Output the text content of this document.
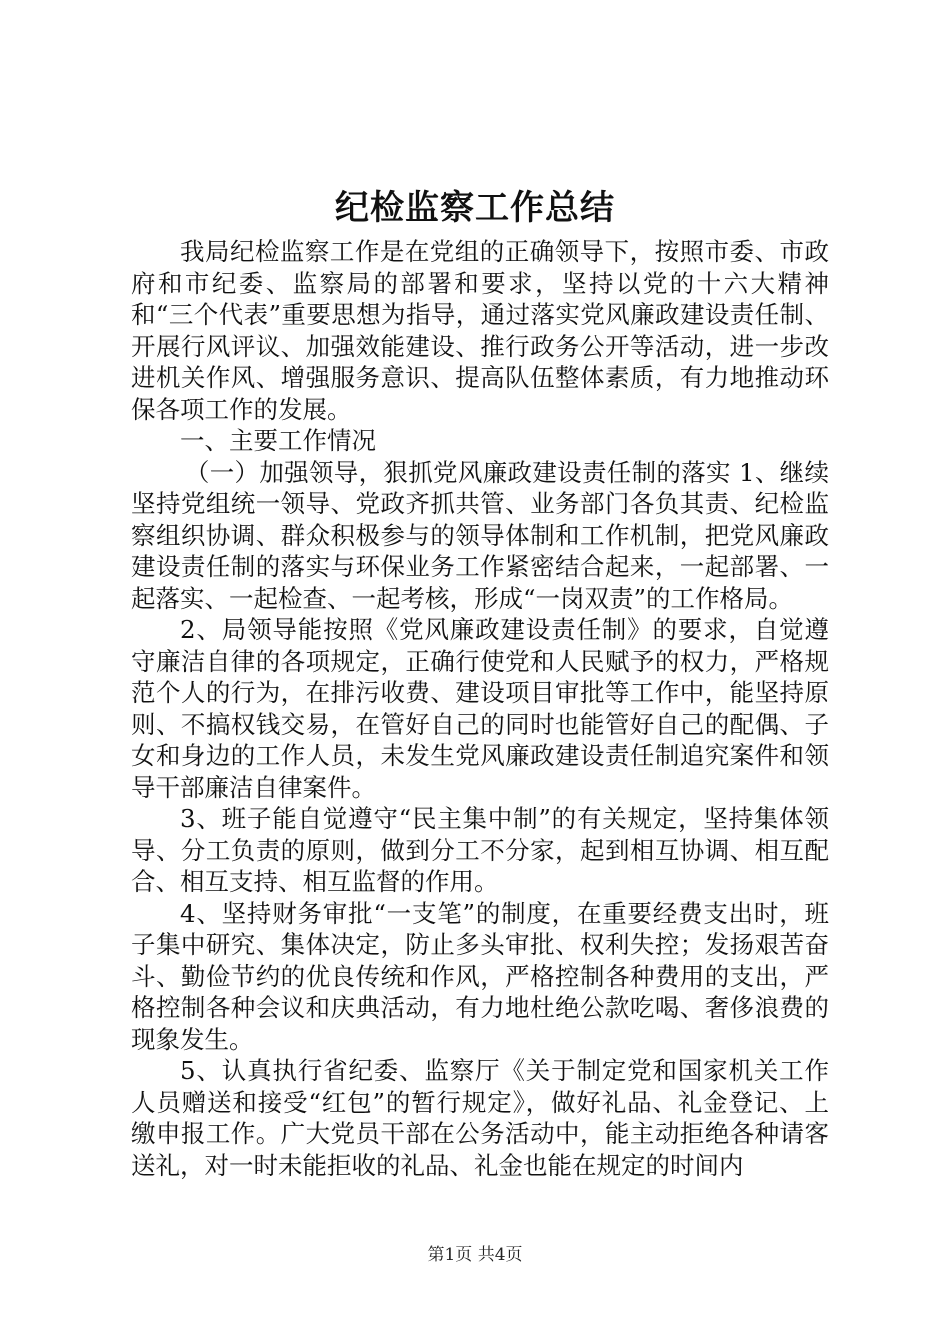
纪检监察工作总结

我局纪检监察工作是在党组的正确领导下，按照市委、市政府和市纪委、监察局的部署和要求，坚持以党的十六大精神和“三个代表”重要思想为指导，通过落实党风廉政建设责任制、开展行风评议、加强效能建设、推行政务公开等活动，进一步改进机关作风、增强服务意识、提高队伍整体素质，有力地推动环保各项工作的发展。

一、主要工作情况

（一）加强领导，狠抓党风廉政建设责任制的落实 1、继续坚持党组统一领导、党政齐抓共管、业务部门各负其责、纪检监察组织协调、群众积极参与的领导体制和工作机制，把党风廉政建设责任制的落实与环保业务工作紧密结合起来，一起部署、一起落实、一起检查、一起考核，形成“一岗双责”的工作格局。

2、局领导能按照《党风廉政建设责任制》的要求，自觉遵守廉洁自律的各项规定，正确行使党和人民赋予的权力，严格规范个人的行为，在排污收费、建设项目审批等工作中，能坚持原则、不搞权钱交易，在管好自己的同时也能管好自己的配偶、子女和身边的工作人员，未发生党风廉政建设责任制追究案件和领导干部廉洁自律案件。

3、班子能自觉遵守“民主集中制”的有关规定，坚持集体领导、分工负责的原则，做到分工不分家，起到相互协调、相互配合、相互支持、相互监督的作用。

4、坚持财务审批“一支笔”的制度，在重要经费支出时，班子集中研究、集体决定，防止多头审批、权利失控；发扬艰苦奋斗、勤俭节约的优良传统和作风，严格控制各种费用的支出，严格控制各种会议和庆典活动，有力地杜绝公款吃喝、奢侈浪费的现象发生。

5、认真执行省纪委、监察厅《关于制定党和国家机关工作人员赠送和接受“红包”的暂行规定》，做好礼品、礼金登记、上缴申报工作。广大党员干部在公务活动中，能主动拒绝各种请客送礼，对一时未能拒收的礼品、礼金也能在规定的时间内

第1页 共4页
